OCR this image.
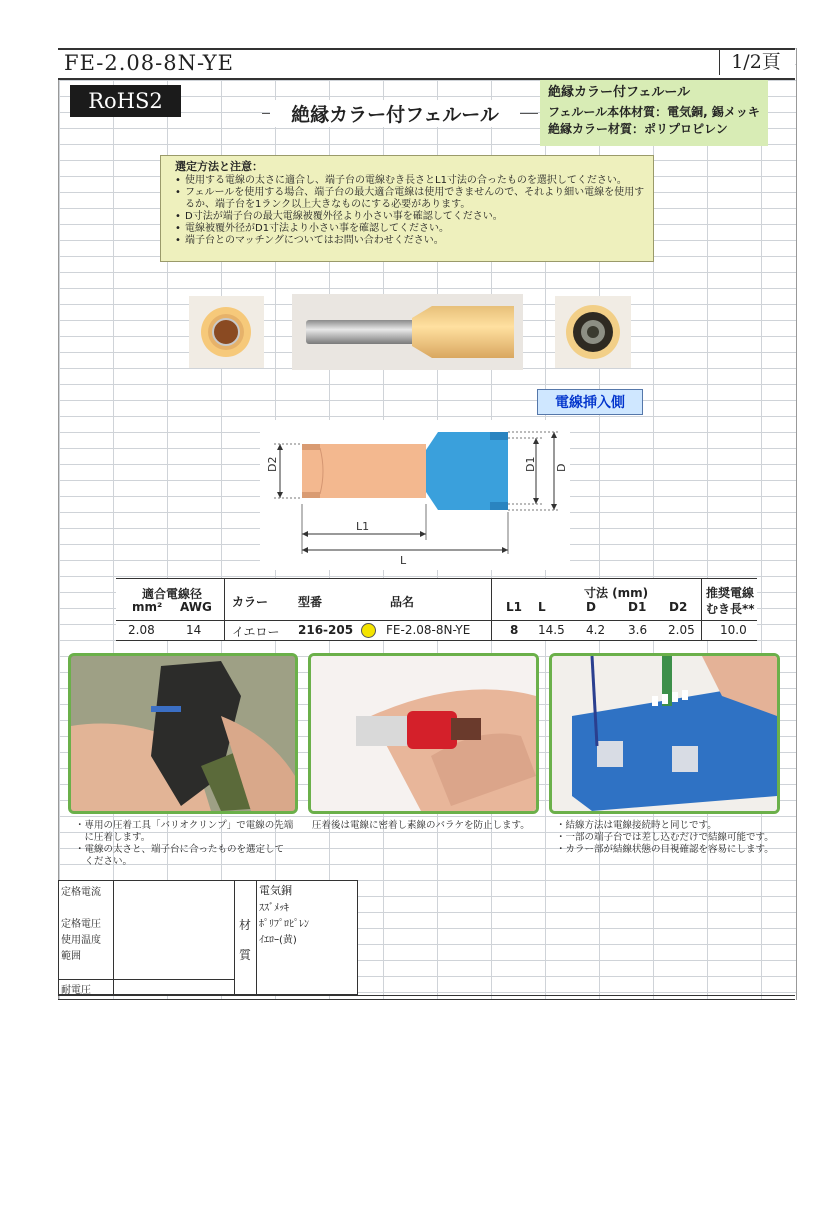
FE-2.08-8N-YE	1/2頁
RoHS2
絶縁カラー付フェルール
絶縁カラー付フェルール
フェルール本体材質：電気銅, 錫メッキ
絶縁カラー材質：ポリプロピレン
選定方法と注意：
• 使用する電線の太さに適合し、端子台の電線むき長さとL1寸法の合ったものを選択してください。
• フェルールを使用する場合、端子台の最大適合電線は使用できませんので、それより細い電線を使用するか、端子台を1ランク以上大きなものにする必要があります。
• D寸法が端子台の最大電線被覆外径より小さい事を確認してください。
• 電線被覆外径がD1寸法より小さい事を確認してください。
• 端子台とのマッチングについてはお問い合わせください。
電線挿入側
D2	D1 D
L1
L
適合電線径
mm² AWG カラー 型番	品名
寸法 (mm)
L1 L	D	D1 D2
推奨電線
むき長**
2.08	14	イエロー 216-205	FE-2.08-8N-YE	8 14.5 4.2 3.6 2.05 10.0
・専用の圧着工具「バリオクリンプ」で電線の先端
　に圧着します。
・電線の太さと、端子台に合ったものを選定して
　ください。
圧着後は電線に密着し素線のバラケを防止します。	・結線方法は電線接続時と同じです。
・一部の端子台では差し込むだけで結線可能です。
・カラー部が結線状態の目視確認を容易にします。
定格電流
定格電圧
使用温度
範囲
耐電圧
材
質
電気銅
ｽｽﾞﾒｯｷ
ﾎﾟﾘﾌﾟﾛﾋﾟﾚﾝ
ｲｴﾛｰ(黄)
